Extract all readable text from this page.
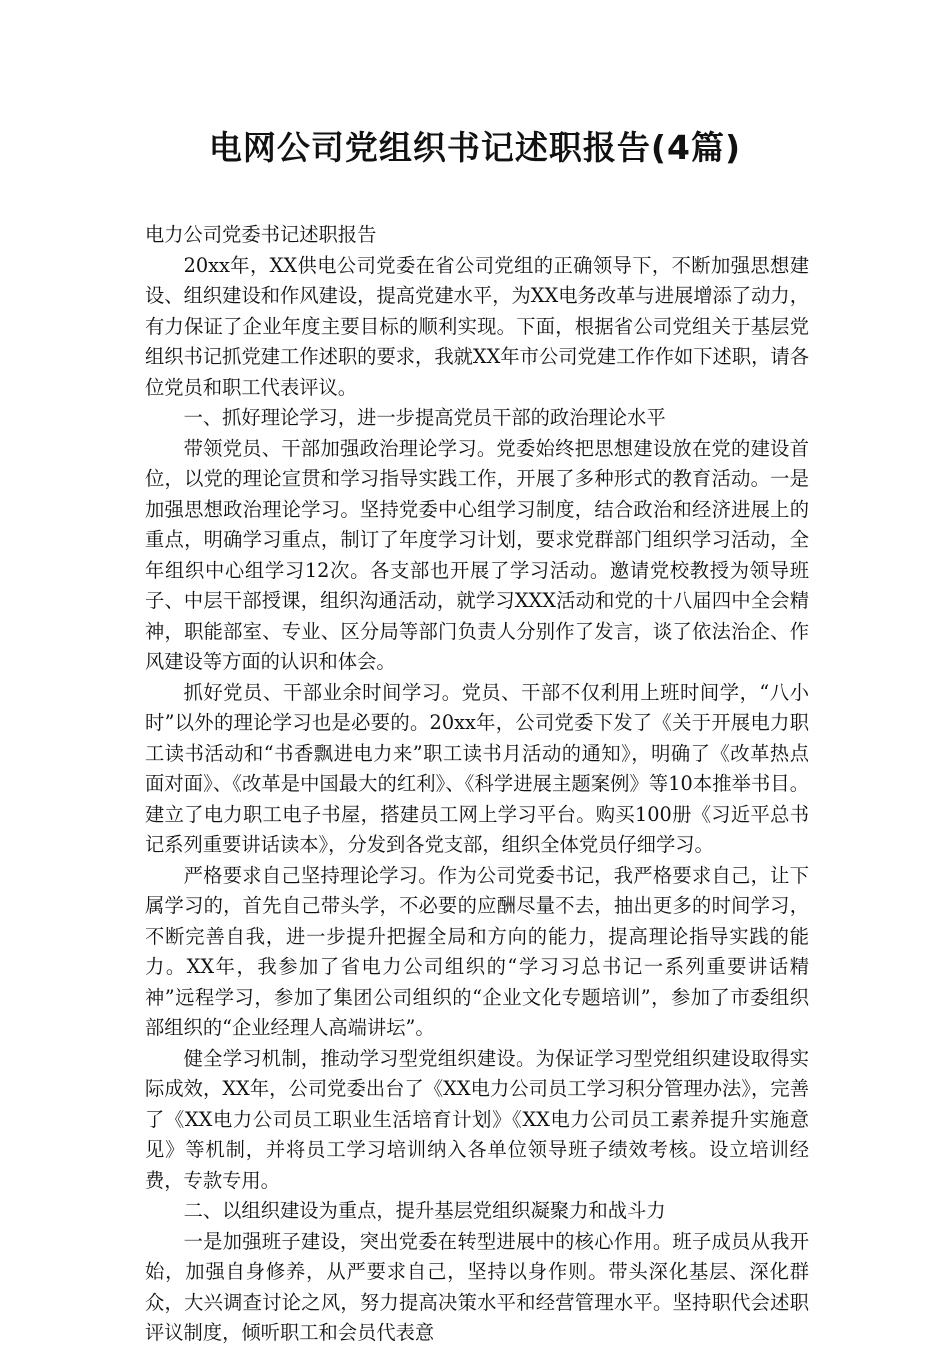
电网公司党组织书记述职报告(4篇)

电力公司党委书记述职报告

20xx年，XX供电公司党委在省公司党组的正确领导下，不断加强思想建设、组织建设和作风建设，提高党建水平，为XX电务改革与进展增添了动力，有力保证了企业年度主要目标的顺利实现。下面，根据省公司党组关于基层党组织书记抓党建工作述职的要求，我就XX年市公司党建工作作如下述职，请各位党员和职工代表评议。

一、抓好理论学习，进一步提高党员干部的政治理论水平

带领党员、干部加强政治理论学习。党委始终把思想建设放在党的建设首位，以党的理论宣贯和学习指导实践工作，开展了多种形式的教育活动。一是加强思想政治理论学习。坚持党委中心组学习制度，结合政治和经济进展上的重点，明确学习重点，制订了年度学习计划，要求党群部门组织学习活动，全年组织中心组学习12次。各支部也开展了学习活动。邀请党校教授为领导班子、中层干部授课，组织沟通活动，就学习XXX活动和党的十八届四中全会精神，职能部室、专业、区分局等部门负责人分别作了发言，谈了依法治企、作风建设等方面的认识和体会。

抓好党员、干部业余时间学习。党员、干部不仅利用上班时间学，“八小时”以外的理论学习也是必要的。20xx年，公司党委下发了《关于开展电力职工读书活动和“书香飘进电力来”职工读书月活动的通知》，明确了《改革热点面对面》、《改革是中国最大的红利》、《科学进展主题案例》等10本推举书目。建立了电力职工电子书屋，搭建员工网上学习平台。购买100册《习近平总书记系列重要讲话读本》，分发到各党支部，组织全体党员仔细学习。

严格要求自己坚持理论学习。作为公司党委书记，我严格要求自己，让下属学习的，首先自己带头学，不必要的应酬尽量不去，抽出更多的时间学习，不断完善自我，进一步提升把握全局和方向的能力，提高理论指导实践的能力。XX年，我参加了省电力公司组织的“学习习总书记一系列重要讲话精神”远程学习，参加了集团公司组织的“企业文化专题培训”，参加了市委组织部组织的“企业经理人高端讲坛”。

健全学习机制，推动学习型党组织建设。为保证学习型党组织建设取得实际成效，XX年，公司党委出台了《XX电力公司员工学习积分管理办法》，完善了《XX电力公司员工职业生活培育计划》《XX电力公司员工素养提升实施意见》等机制，并将员工学习培训纳入各单位领导班子绩效考核。设立培训经费，专款专用。

二、以组织建设为重点，提升基层党组织凝聚力和战斗力

一是加强班子建设，突出党委在转型进展中的核心作用。班子成员从我开始，加强自身修养，从严要求自己，坚持以身作则。带头深化基层、深化群众，大兴调查讨论之风，努力提高决策水平和经营管理水平。坚持职代会述职评议制度，倾听职工和会员代表意
